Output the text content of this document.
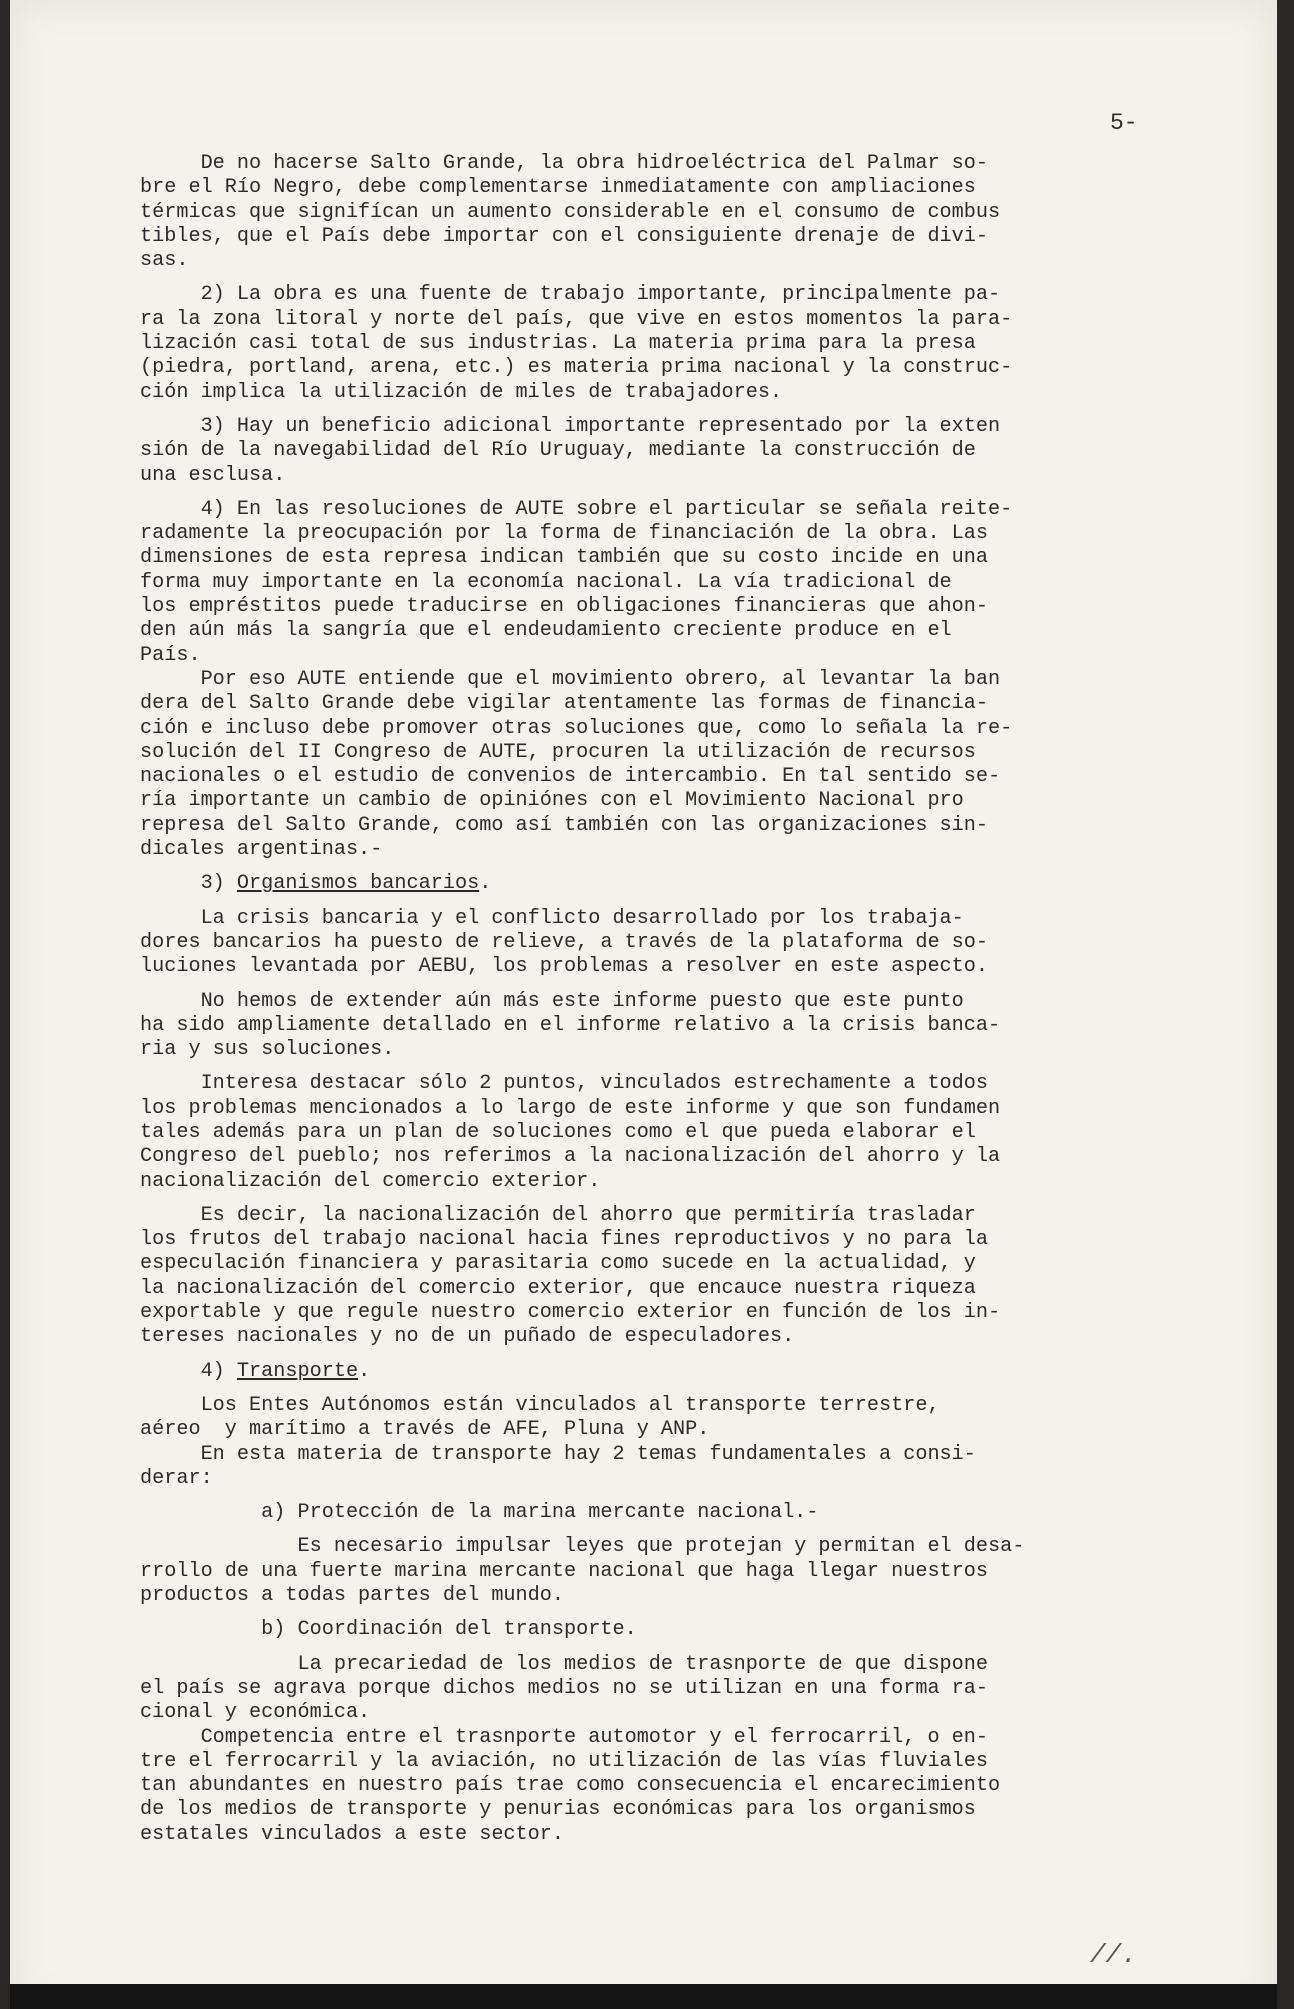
5-
De no hacerse Salto Grande, la obra hidroeléctrica del Palmar so-
bre el Río Negro, debe complementarse inmediatamente con ampliaciones
térmicas que signifícan un aumento considerable en el consumo de combus
tibles, que el País debe importar con el consiguiente drenaje de divi-
sas.
2) La obra es una fuente de trabajo importante, principalmente pa-
ra la zona litoral y norte del país, que vive en estos momentos la para-
lización casi total de sus industrias. La materia prima para la presa
(piedra, portland, arena, etc.) es materia prima nacional y la construc-
ción implica la utilización de miles de trabajadores.
3) Hay un beneficio adicional importante representado por la exten
sión de la navegabilidad del Río Uruguay, mediante la construcción de
una esclusa.
4) En las resoluciones de AUTE sobre el particular se señala reite-
radamente la preocupación por la forma de financiación de la obra. Las
dimensiones de esta represa indican también que su costo incide en una
forma muy importante en la economía nacional. La vía tradicional de
los empréstitos puede traducirse en obligaciones financieras que ahon-
den aún más la sangría que el endeudamiento creciente produce en el
País.
Por eso AUTE entiende que el movimiento obrero, al levantar la ban
dera del Salto Grande debe vigilar atentamente las formas de financia-
ción e incluso debe promover otras soluciones que, como lo señala la re-
solución del II Congreso de AUTE, procuren la utilización de recursos
nacionales o el estudio de convenios de intercambio. En tal sentido se-
ría importante un cambio de opiniónes con el Movimiento Nacional pro
represa del Salto Grande, como así también con las organizaciones sin-
dicales argentinas.-
3) Organismos bancarios.
La crisis bancaria y el conflicto desarrollado por los trabaja-
dores bancarios ha puesto de relieve, a través de la plataforma de so-
luciones levantada por AEBU, los problemas a resolver en este aspecto.
No hemos de extender aún más este informe puesto que este punto
ha sido ampliamente detallado en el informe relativo a la crisis banca-
ria y sus soluciones.
Interesa destacar sólo 2 puntos, vinculados estrechamente a todos
los problemas mencionados a lo largo de este informe y que son fundamen
tales además para un plan de soluciones como el que pueda elaborar el
Congreso del pueblo; nos referimos a la nacionalización del ahorro y la
nacionalización del comercio exterior.
Es decir, la nacionalización del ahorro que permitiría trasladar
los frutos del trabajo nacional hacia fines reproductivos y no para la
especulación financiera y parasitaria como sucede en la actualidad, y
la nacionalización del comercio exterior, que encauce nuestra riqueza
exportable y que regule nuestro comercio exterior en función de los in-
tereses nacionales y no de un puñado de especuladores.
4) Transporte.
Los Entes Autónomos están vinculados al transporte terrestre,
aéreo  y marítimo a través de AFE, Pluna y ANP.
En esta materia de transporte hay 2 temas fundamentales a consi-
derar:
a) Protección de la marina mercante nacional.-
Es necesario impulsar leyes que protejan y permitan el desa-
rrollo de una fuerte marina mercante nacional que haga llegar nuestros
productos a todas partes del mundo.
b) Coordinación del transporte.
La precariedad de los medios de trasnporte de que dispone
el país se agrava porque dichos medios no se utilizan en una forma ra-
cional y económica.
Competencia entre el trasnporte automotor y el ferrocarril, o en-
tre el ferrocarril y la aviación, no utilización de las vías fluviales
tan abundantes en nuestro país trae como consecuencia el encarecimiento
de los medios de transporte y penurias económicas para los organismos
estatales vinculados a este sector.
//.
